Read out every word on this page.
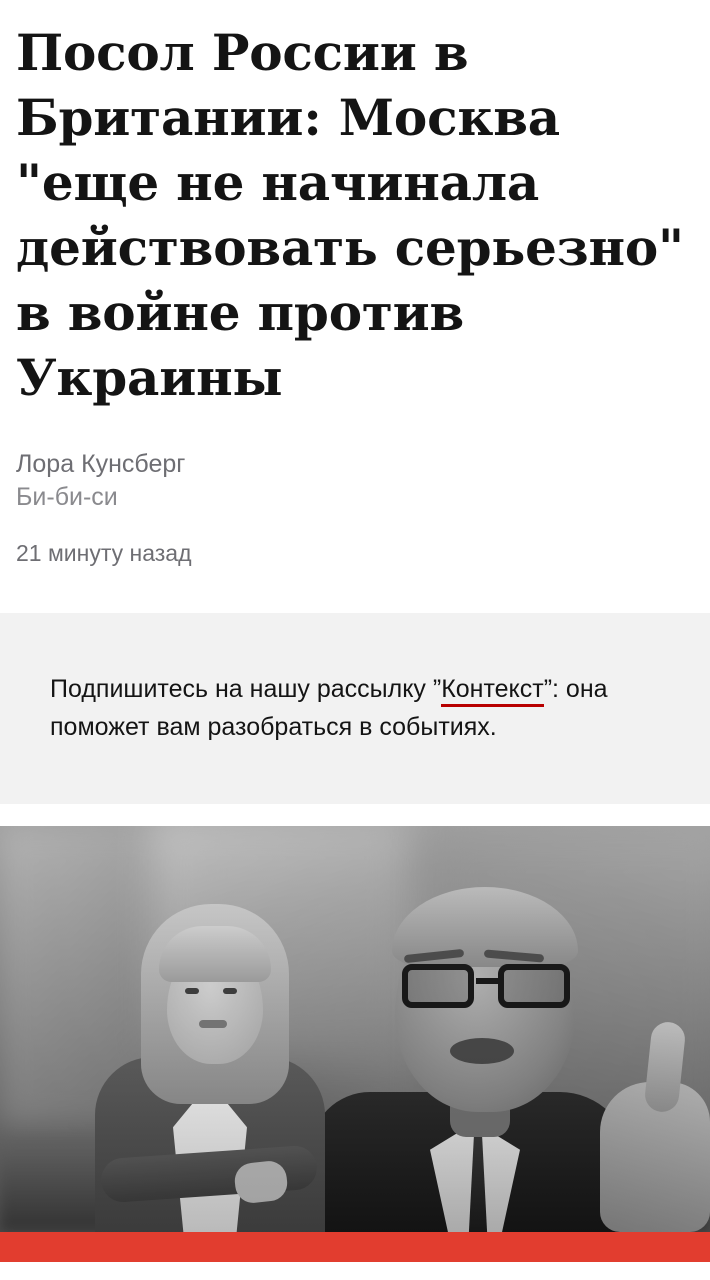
Посол России в Британии: Москва "еще не начинала действовать серьезно" в войне против Украины
Лора Кунсберг
Би-би-си
21 минуту назад
Подпишитесь на нашу рассылку ”Контекст”: она поможет вам разобраться в событиях.
